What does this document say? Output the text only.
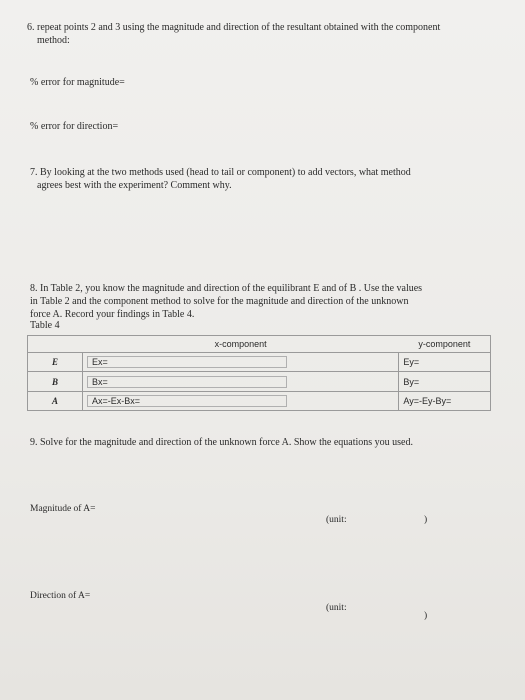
6. repeat points 2 and 3 using the magnitude and direction of the resultant obtained with the component
method:
% error for magnitude=
% error for direction=
7. By looking at the two methods used (head to tail or component) to add vectors, what method
agrees best with the experiment? Comment why.
8. In Table 2, you know the magnitude and direction of the equilibrant E and of B . Use the values
in Table 2 and the component method to solve for the magnitude and direction of the unknown
force A. Record your findings in Table 4.
Table 4
	x-component	y-component
E	Ex=	Ey=
B	Bx=	By=
A	Ax=-Ex-Bx=	Ay=-Ey-By=
9. Solve for the magnitude and direction of the unknown force A. Show the equations you used.
Magnitude of A=
(unit:	)
Direction of A=
(unit:
)
